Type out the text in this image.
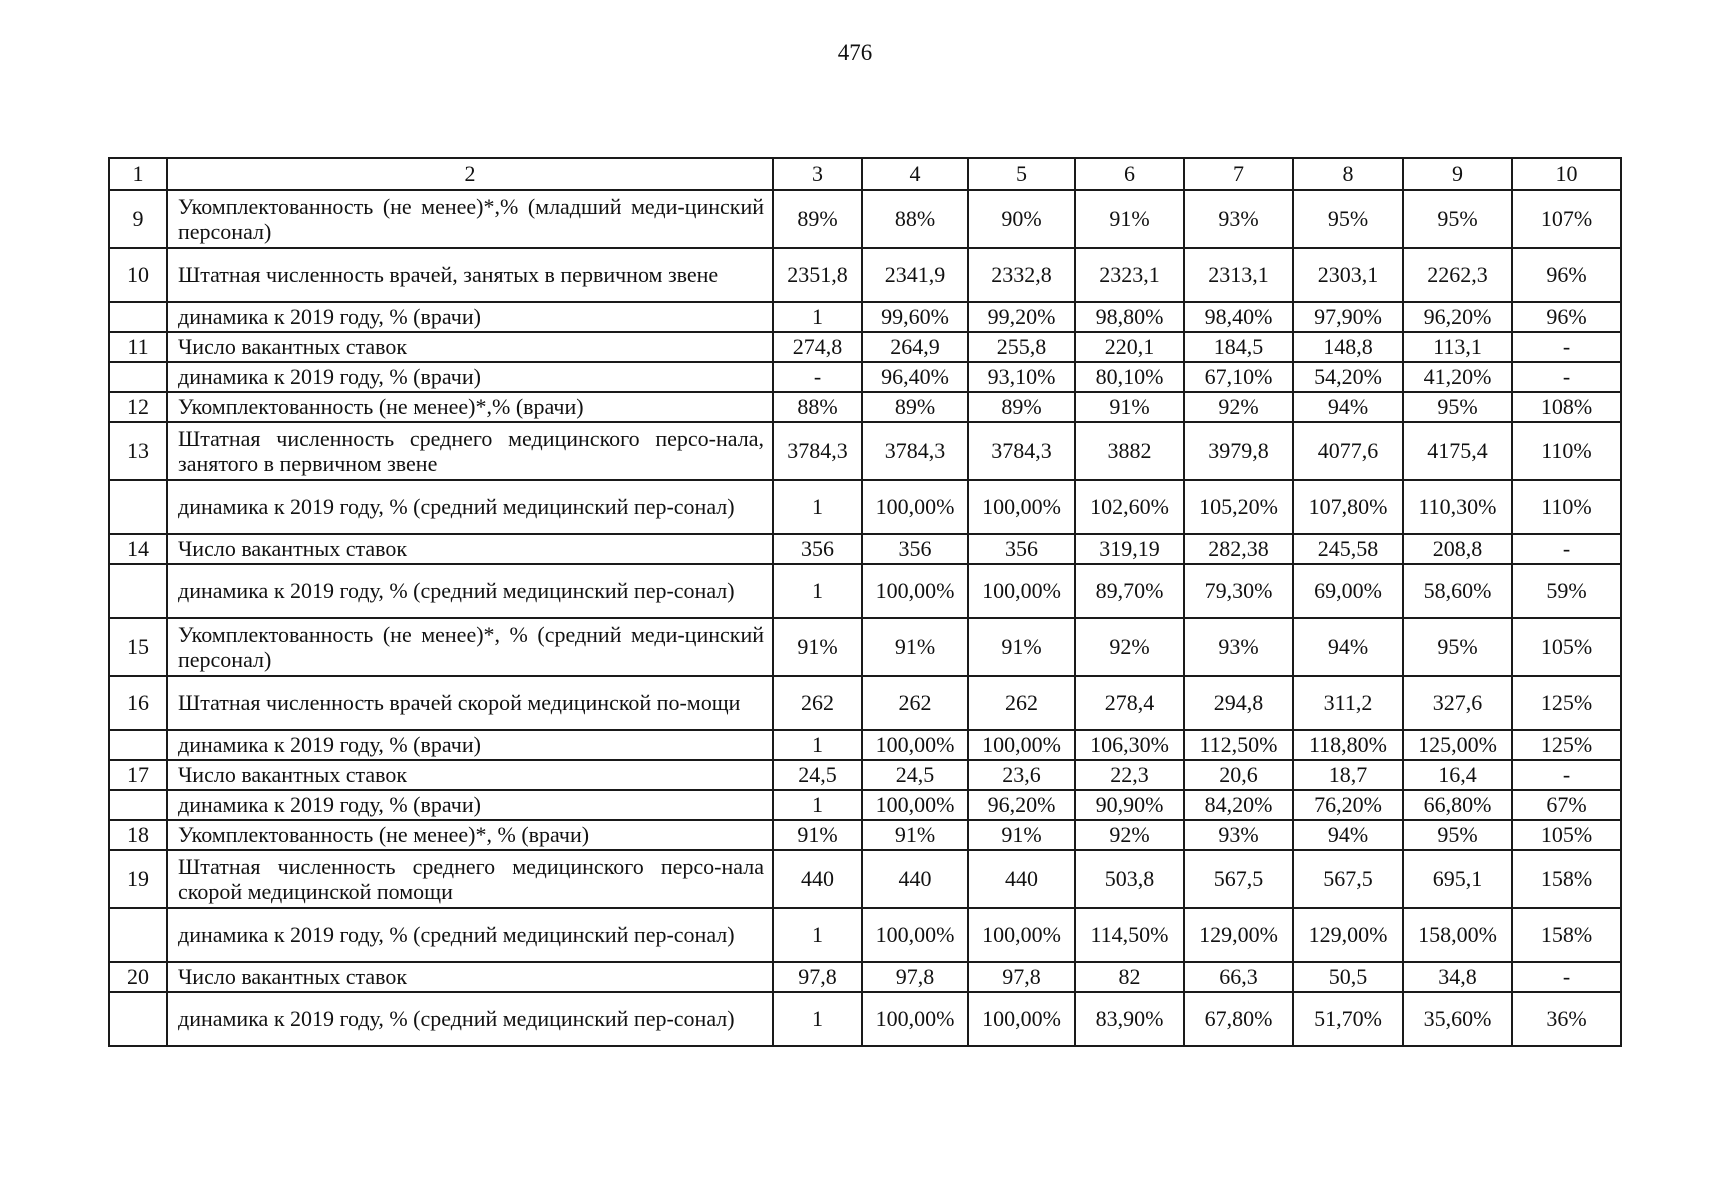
476
1	2	3	4	5	6	7	8	9	10
9	Укомплектованность (не менее)*,% (младший меди-цинский персонал)	89%	88%	90%	91%	93%	95%	95%	107%
10	Штатная численность врачей, занятых в первичном звене	2351,8	2341,9	2332,8	2323,1	2313,1	2303,1	2262,3	96%
	динамика к 2019 году, % (врачи)	1	99,60%	99,20%	98,80%	98,40%	97,90%	96,20%	96%
11	Число вакантных ставок	274,8	264,9	255,8	220,1	184,5	148,8	113,1	-
	динамика к 2019 году, % (врачи)	-	96,40%	93,10%	80,10%	67,10%	54,20%	41,20%	-
12	Укомплектованность (не менее)*,% (врачи)	88%	89%	89%	91%	92%	94%	95%	108%
13	Штатная численность среднего медицинского персо-нала, занятого в первичном звене	3784,3	3784,3	3784,3	3882	3979,8	4077,6	4175,4	110%
	динамика к 2019 году, % (средний медицинский пер-сонал)	1	100,00%	100,00%	102,60%	105,20%	107,80%	110,30%	110%
14	Число вакантных ставок	356	356	356	319,19	282,38	245,58	208,8	-
	динамика к 2019 году, % (средний медицинский пер-сонал)	1	100,00%	100,00%	89,70%	79,30%	69,00%	58,60%	59%
15	Укомплектованность (не менее)*, % (средний меди-цинский персонал)	91%	91%	91%	92%	93%	94%	95%	105%
16	Штатная численность врачей скорой медицинской по-мощи	262	262	262	278,4	294,8	311,2	327,6	125%
	динамика к 2019 году, % (врачи)	1	100,00%	100,00%	106,30%	112,50%	118,80%	125,00%	125%
17	Число вакантных ставок	24,5	24,5	23,6	22,3	20,6	18,7	16,4	-
	динамика к 2019 году, % (врачи)	1	100,00%	96,20%	90,90%	84,20%	76,20%	66,80%	67%
18	Укомплектованность (не менее)*, % (врачи)	91%	91%	91%	92%	93%	94%	95%	105%
19	Штатная численность среднего медицинского персо-нала скорой медицинской помощи	440	440	440	503,8	567,5	567,5	695,1	158%
	динамика к 2019 году, % (средний медицинский пер-сонал)	1	100,00%	100,00%	114,50%	129,00%	129,00%	158,00%	158%
20	Число вакантных ставок	97,8	97,8	97,8	82	66,3	50,5	34,8	-
	динамика к 2019 году, % (средний медицинский пер-сонал)	1	100,00%	100,00%	83,90%	67,80%	51,70%	35,60%	36%
